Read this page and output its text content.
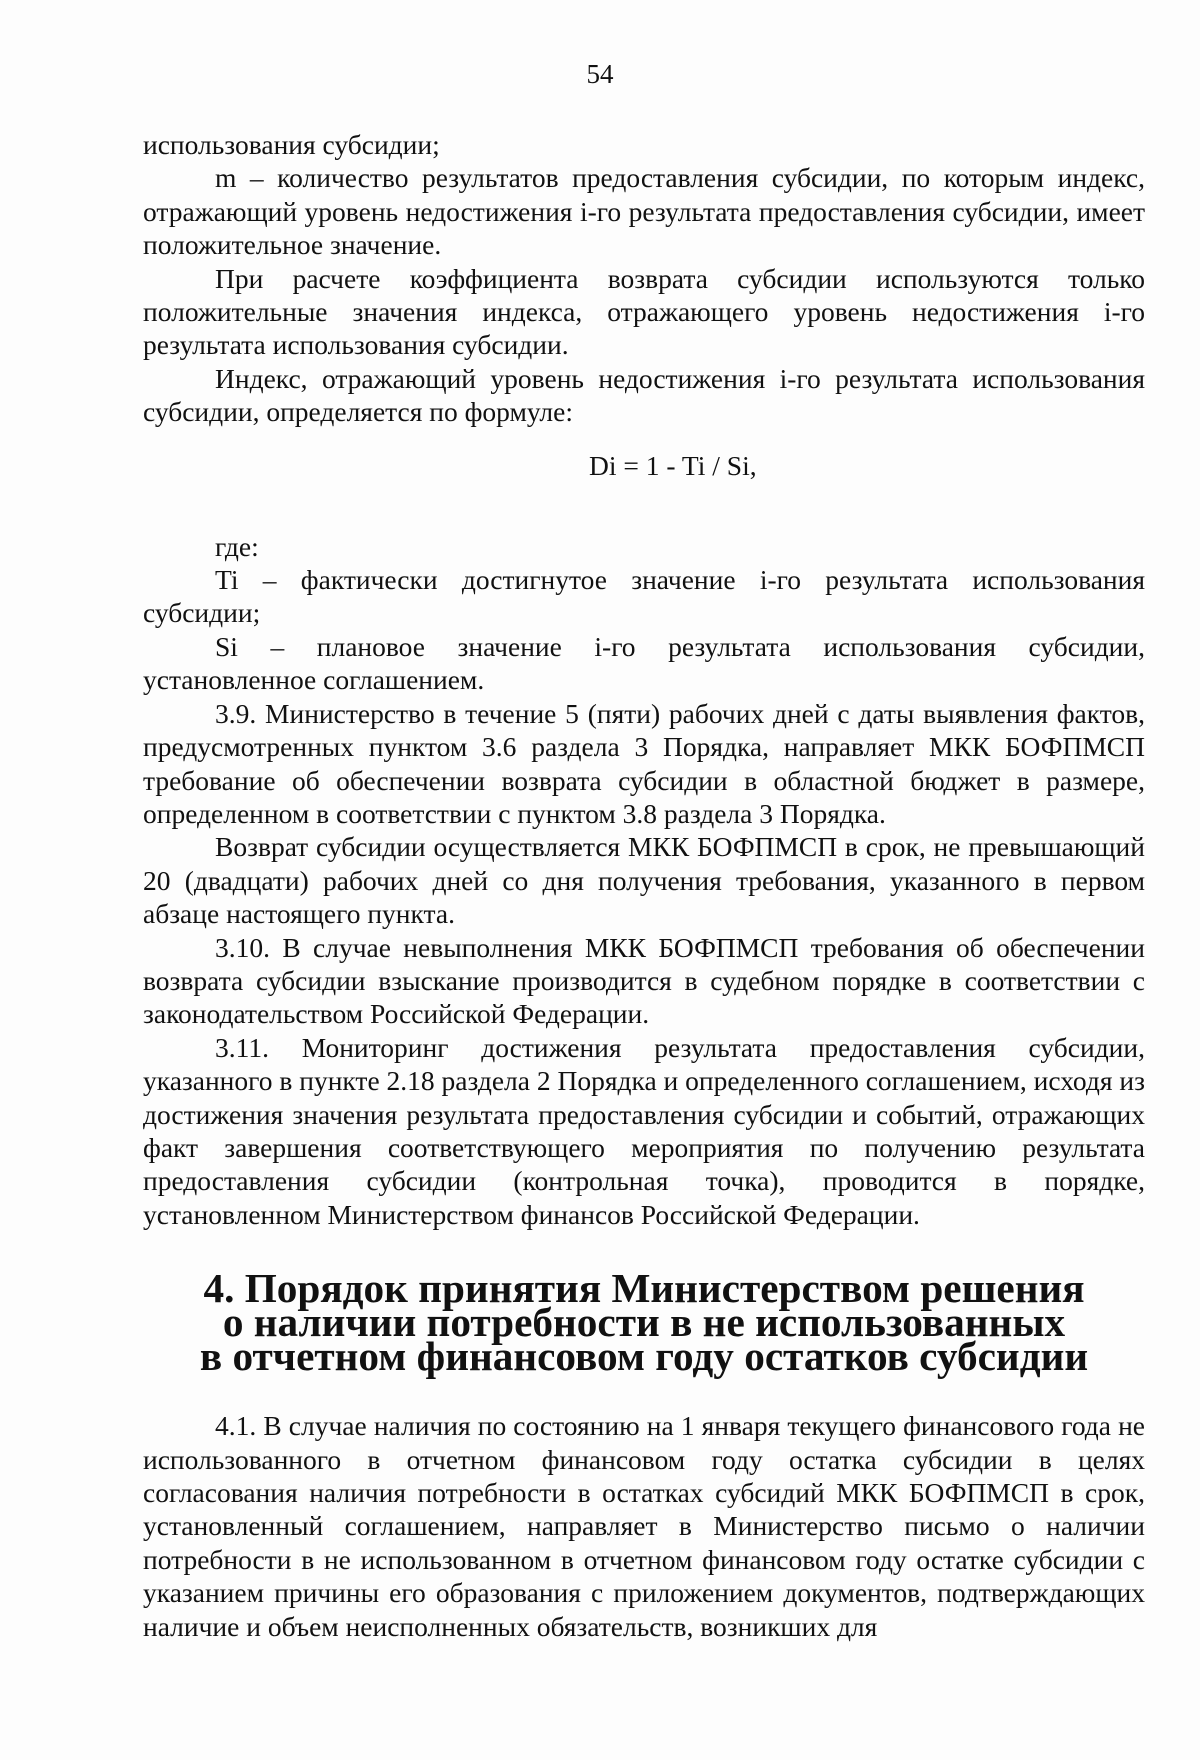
54

использования субсидии;

m – количество результатов предоставления субсидии, по которым индекс, отражающий уровень недостижения i-го результата предоставления субсидии, имеет положительное значение.

При расчете коэффициента возврата субсидии используются только положительные значения индекса, отражающего уровень недостижения i-го результата использования субсидии.

Индекс, отражающий уровень недостижения i-го результата использования субсидии, определяется по формуле:

Di = 1 - Ti / Si,

где:

Ti – фактически достигнутое значение i-го результата использования субсидии;

Si – плановое значение i-го результата использования субсидии, установленное соглашением.

3.9. Министерство в течение 5 (пяти) рабочих дней с даты выявления фактов, предусмотренных пунктом 3.6 раздела 3 Порядка, направляет МКК БОФПМСП требование об обеспечении возврата субсидии в областной бюджет в размере, определенном в соответствии с пунктом 3.8 раздела 3 Порядка.

Возврат субсидии осуществляется МКК БОФПМСП в срок, не превышающий 20 (двадцати) рабочих дней со дня получения требования, указанного в первом абзаце настоящего пункта.

3.10. В случае невыполнения МКК БОФПМСП требования об обеспечении возврата субсидии взыскание производится в судебном порядке в соответствии с законодательством Российской Федерации.

3.11. Мониторинг достижения результата предоставления субсидии, указанного в пункте 2.18 раздела 2 Порядка и определенного соглашением, исходя из достижения значения результата предоставления субсидии и событий, отражающих факт завершения соответствующего мероприятия по получению результата предоставления субсидии (контрольная точка), проводится в порядке, установленном Министерством финансов Российской Федерации.

4. Порядок принятия Министерством решения
о наличии потребности в не использованных
в отчетном финансовом году остатков субсидии

4.1. В случае наличия по состоянию на 1 января текущего финансового года не использованного в отчетном финансовом году остатка субсидии в целях согласования наличия потребности в остатках субсидий МКК БОФПМСП в срок, установленный соглашением, направляет в Министерство письмо о наличии потребности в не использованном в отчетном финансовом году остатке субсидии с указанием причины его образования с приложением документов, подтверждающих наличие и объем неисполненных обязательств, возникших для
